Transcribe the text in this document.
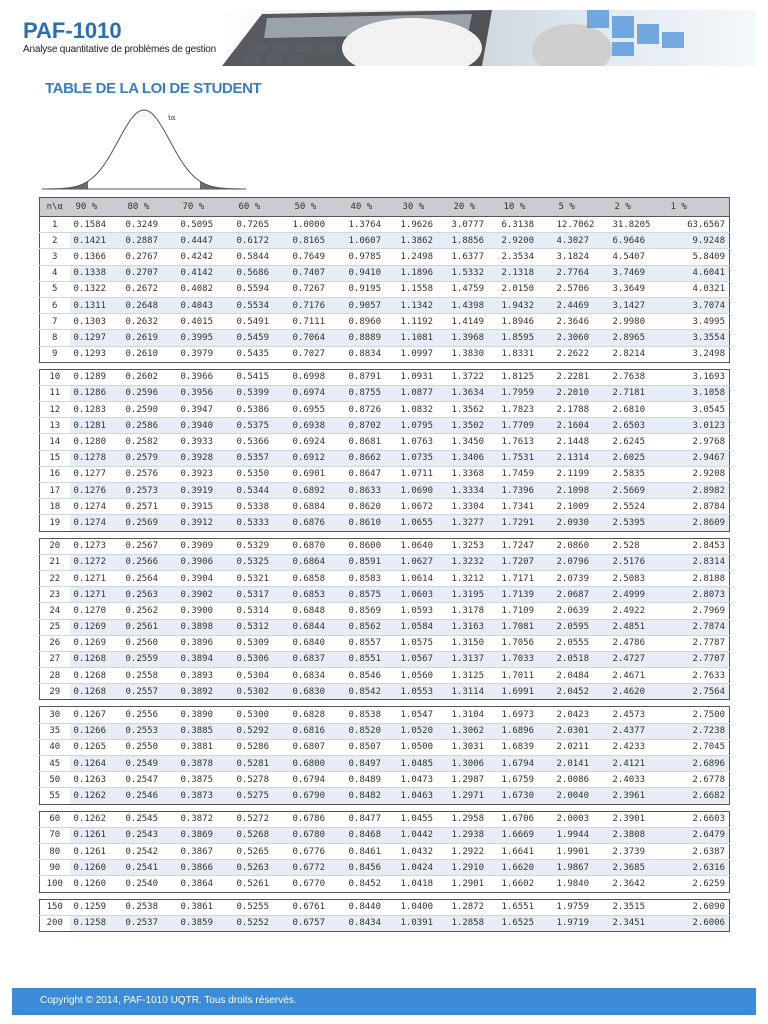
PAF-1010
Analyse quantitative de problèmes de gestion
TABLE DE LA LOI DE STUDENT
tα
n\α	90 %	80 %	70 %	60 %	50 %	40 %	30 %	20 %	10 %	5 %	2 %	1 %
1	0.1584	0.3249	0.5095	0.7265	1.0000	1.3764	1.9626	3.0777	6.3138	12.7062	31.8205	63.6567
2	0.1421	0.2887	0.4447	0.6172	0.8165	1.0607	1.3862	1.8856	2.9200	4.3027	6.9646	9.9248
3	0.1366	0.2767	0.4242	0.5844	0.7649	0.9785	1.2498	1.6377	2.3534	3.1824	4.5407	5.8409
4	0.1338	0.2707	0.4142	0.5686	0.7407	0.9410	1.1896	1.5332	2.1318	2.7764	3.7469	4.6041
5	0.1322	0.2672	0.4082	0.5594	0.7267	0.9195	1.1558	1.4759	2.0150	2.5706	3.3649	4.0321
6	0.1311	0.2648	0.4043	0.5534	0.7176	0.9057	1.1342	1.4398	1.9432	2.4469	3.1427	3.7074
7	0.1303	0.2632	0.4015	0.5491	0.7111	0.8960	1.1192	1.4149	1.8946	2.3646	2.9980	3.4995
8	0.1297	0.2619	0.3995	0.5459	0.7064	0.8889	1.1081	1.3968	1.8595	2.3060	2.8965	3.3554
9	0.1293	0.2610	0.3979	0.5435	0.7027	0.8834	1.0997	1.3830	1.8331	2.2622	2.8214	3.2498

10	0.1289	0.2602	0.3966	0.5415	0.6998	0.8791	1.0931	1.3722	1.8125	2.2281	2.7638	3.1693
11	0.1286	0.2596	0.3956	0.5399	0.6974	0.8755	1.0877	1.3634	1.7959	2.2010	2.7181	3.1058
12	0.1283	0.2590	0.3947	0.5386	0.6955	0.8726	1.0832	1.3562	1.7823	2.1788	2.6810	3.0545
13	0.1281	0.2586	0.3940	0.5375	0.6938	0.8702	1.0795	1.3502	1.7709	2.1604	2.6503	3.0123
14	0.1280	0.2582	0.3933	0.5366	0.6924	0.8681	1.0763	1.3450	1.7613	2.1448	2.6245	2.9768
15	0.1278	0.2579	0.3928	0.5357	0.6912	0.8662	1.0735	1.3406	1.7531	2.1314	2.6025	2.9467
16	0.1277	0.2576	0.3923	0.5350	0.6901	0.8647	1.0711	1.3368	1.7459	2.1199	2.5835	2.9208
17	0.1276	0.2573	0.3919	0.5344	0.6892	0.8633	1.0690	1.3334	1.7396	2.1098	2.5669	2.8982
18	0.1274	0.2571	0.3915	0.5338	0.6884	0.8620	1.0672	1.3304	1.7341	2.1009	2.5524	2.8784
19	0.1274	0.2569	0.3912	0.5333	0.6876	0.8610	1.0655	1.3277	1.7291	2.0930	2.5395	2.8609

20	0.1273	0.2567	0.3909	0.5329	0.6870	0.8600	1.0640	1.3253	1.7247	2.0860	2.528	2.8453
21	0.1272	0.2566	0.3906	0.5325	0.6864	0.8591	1.0627	1.3232	1.7207	2.0796	2.5176	2.8314
22	0.1271	0.2564	0.3904	0.5321	0.6858	0.8583	1.0614	1.3212	1.7171	2.0739	2.5083	2.8188
23	0.1271	0.2563	0.3902	0.5317	0.6853	0.8575	1.0603	1.3195	1.7139	2.0687	2.4999	2.8073
24	0.1270	0.2562	0.3900	0.5314	0.6848	0.8569	1.0593	1.3178	1.7109	2.0639	2.4922	2.7969
25	0.1269	0.2561	0.3898	0.5312	0.6844	0.8562	1.0584	1.3163	1.7081	2.0595	2.4851	2.7874
26	0.1269	0.2560	0.3896	0.5309	0.6840	0.8557	1.0575	1.3150	1.7056	2.0555	2.4786	2.7787
27	0.1268	0.2559	0.3894	0.5306	0.6837	0.8551	1.0567	1.3137	1.7033	2.0518	2.4727	2.7707
28	0.1268	0.2558	0.3893	0.5304	0.6834	0.8546	1.0560	1.3125	1.7011	2.0484	2.4671	2.7633
29	0.1268	0.2557	0.3892	0.5302	0.6830	0.8542	1.0553	1.3114	1.6991	2.0452	2.4620	2.7564

30	0.1267	0.2556	0.3890	0.5300	0.6828	0.8538	1.0547	1.3104	1.6973	2.0423	2.4573	2.7500
35	0.1266	0.2553	0.3885	0.5292	0.6816	0.8520	1.0520	1.3062	1.6896	2.0301	2.4377	2.7238
40	0.1265	0.2550	0.3881	0.5286	0.6807	0.8507	1.0500	1.3031	1.6839	2.0211	2.4233	2.7045
45	0.1264	0.2549	0.3878	0.5281	0.6800	0.8497	1.0485	1.3006	1.6794	2.0141	2.4121	2.6896
50	0.1263	0.2547	0.3875	0.5278	0.6794	0.8489	1.0473	1.2987	1.6759	2.0086	2.4033	2.6778
55	0.1262	0.2546	0.3873	0.5275	0.6790	0.8482	1.0463	1.2971	1.6730	2.0040	2.3961	2.6682

60	0.1262	0.2545	0.3872	0.5272	0.6786	0.8477	1.0455	1.2958	1.6706	2.0003	2.3901	2.6603
70	0.1261	0.2543	0.3869	0.5268	0.6780	0.8468	1.0442	1.2938	1.6669	1.9944	2.3808	2.6479
80	0.1261	0.2542	0.3867	0.5265	0.6776	0.8461	1.0432	1.2922	1.6641	1.9901	2.3739	2.6387
90	0.1260	0.2541	0.3866	0.5263	0.6772	0.8456	1.0424	1.2910	1.6620	1.9867	2.3685	2.6316
100	0.1260	0.2540	0.3864	0.5261	0.6770	0.8452	1.0418	1.2901	1.6602	1.9840	2.3642	2.6259

150	0.1259	0.2538	0.3861	0.5255	0.6761	0.8440	1.0400	1.2872	1.6551	1.9759	2.3515	2.6090
200	0.1258	0.2537	0.3859	0.5252	0.6757	0.8434	1.0391	1.2858	1.6525	1.9719	2.3451	2.6006
Copyright © 2014, PAF-1010 UQTR. Tous droits réservés.
